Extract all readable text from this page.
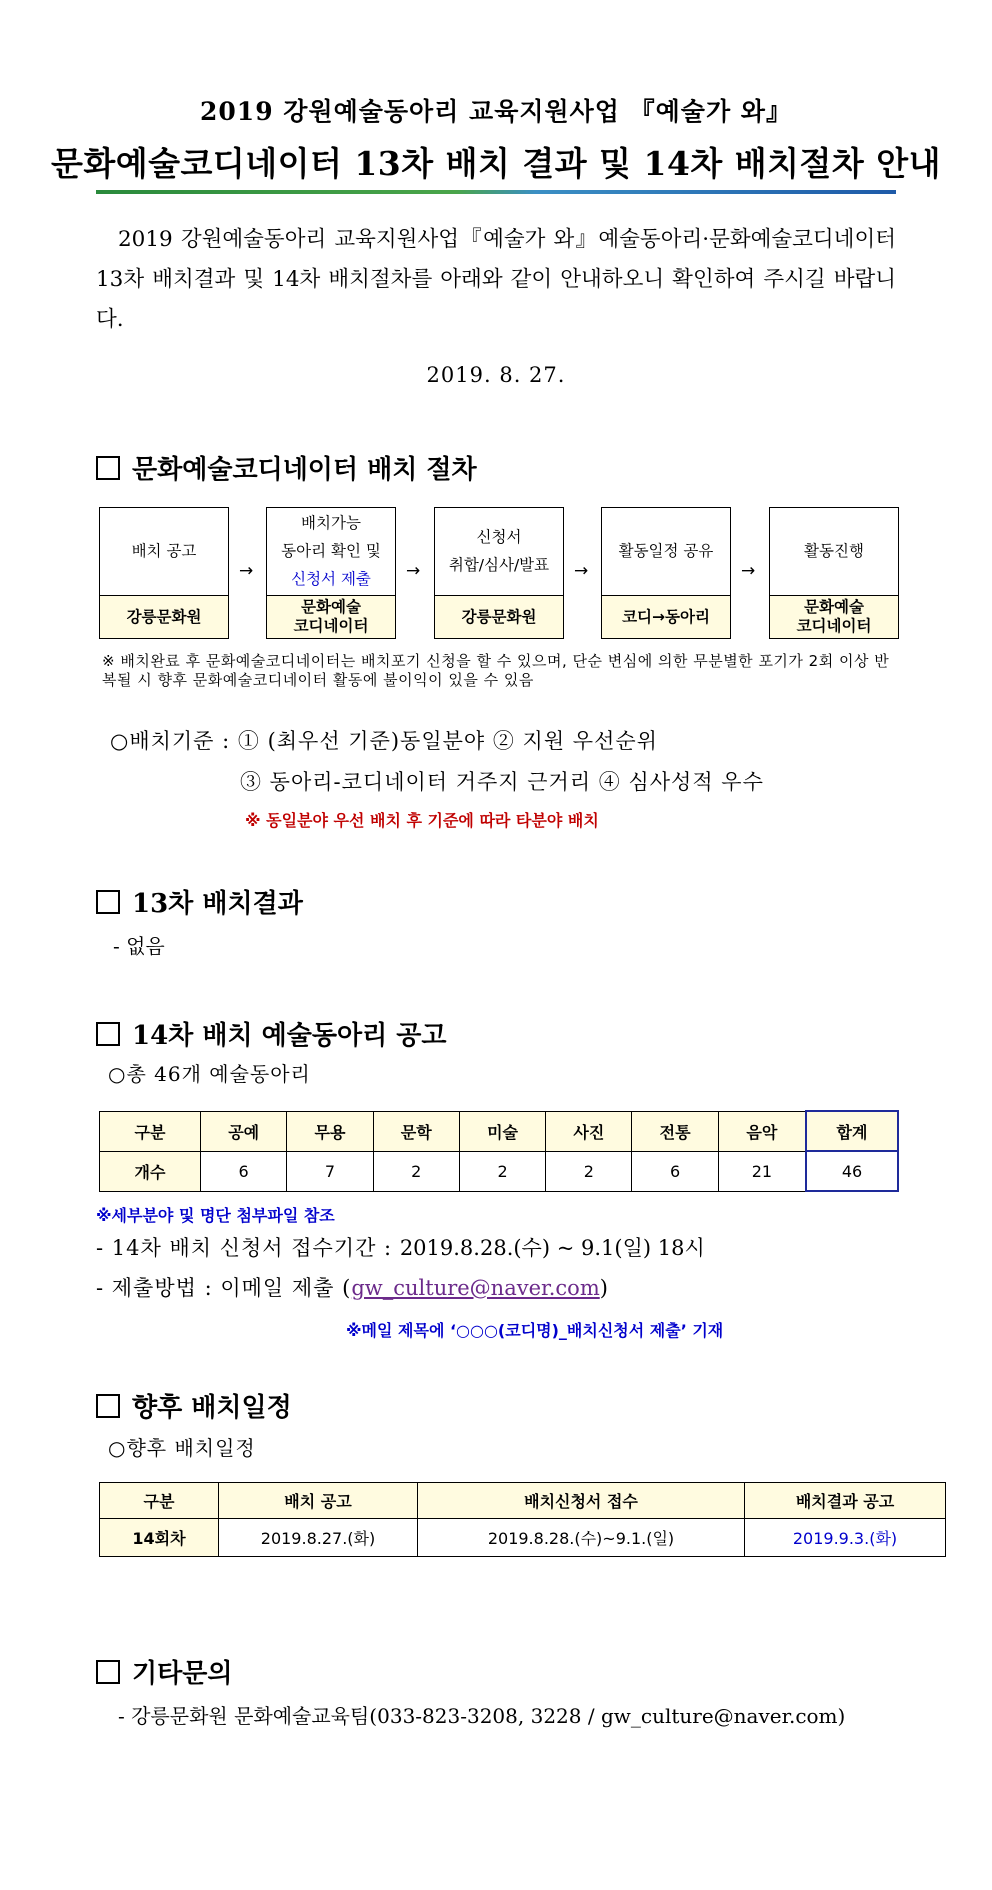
2019 강원예술동아리 교육지원사업 『예술가 와』
문화예술코디네이터 13차 배치 결과 및 14차 배치절차 안내
2019 강원예술동아리 교육지원사업『예술가 와』예술동아리·문화예술코디네이터 13차 배치결과 및 14차 배치절차를 아래와 같이 안내하오니 확인하여 주시길 바랍니다.
2019. 8. 27.
문화예술코디네이터 배치 절차
배치 공고
강릉문화원
→
배치가능
동아리 확인 및
신청서 제출
문화예술
코디네이터
→
신청서
취합/심사/발표
강릉문화원
→
활동일정 공유
코디→동아리
→
활동진행
문화예술
코디네이터
※ 배치완료 후 문화예술코디네이터는 배치포기 신청을 할 수 있으며, 단순 변심에 의한 무분별한 포기가 2회 이상 반복될 시 향후 문화예술코디네이터 활동에 불이익이 있을 수 있음
○배치기준 : ① (최우선 기준)동일분야 ② 지원 우선순위
③ 동아리-코디네이터 거주지 근거리 ④ 심사성적 우수
※ 동일분야 우선 배치 후 기준에 따라 타분야 배치
13차 배치결과
- 없음
14차 배치 예술동아리 공고
○총 46개 예술동아리
구분	공예	무용	문학	미술	사진	전통	음악	합계
개수	6	7	2	2	2	6	21	46
※세부분야 및 명단 첨부파일 참조
- 14차 배치 신청서 접수기간 : 2019.8.28.(수) ~ 9.1(일) 18시
- 제출방법 : 이메일 제출 (gw_culture@naver.com)
※메일 제목에 ‘○○○(코디명)_배치신청서 제출’ 기재
향후 배치일정
○향후 배치일정
구분	배치 공고	배치신청서 접수	배치결과 공고
14회차	2019.8.27.(화)	2019.8.28.(수)~9.1.(일)	2019.9.3.(화)
기타문의
- 강릉문화원 문화예술교육팀(033-823-3208, 3228 / gw_culture@naver.com)
